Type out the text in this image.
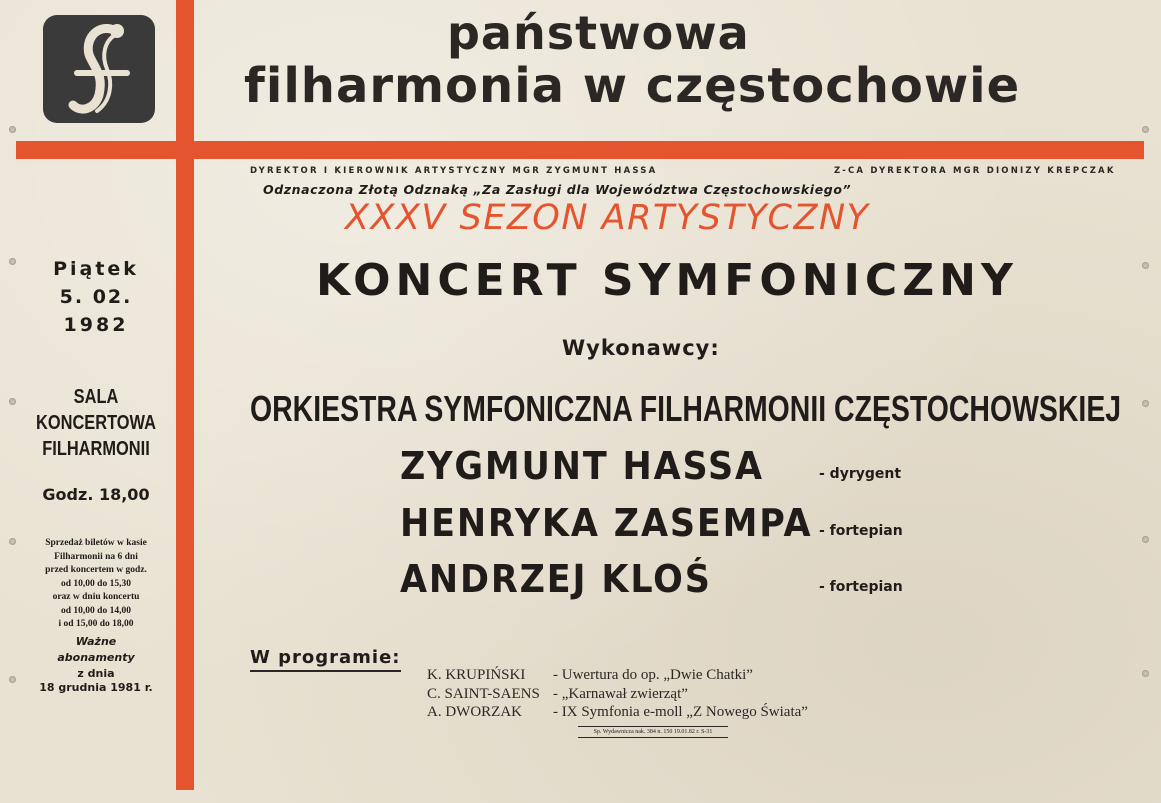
państwowa
filharmonia w częstochowie
DYREKTOR I KIEROWNIK ARTYSTYCZNY MGR ZYGMUNT HASSA	Z-CA DYREKTORA MGR DIONIZY KREPCZAK
Odznaczona Złotą Odznaką „Za Zasługi dla Województwa Częstochowskiego”
XXXV SEZON ARTYSTYCZNY
KONCERT SYMFONICZNY
Wykonawcy:
ORKIESTRA SYMFONICZNA FILHARMONII CZĘSTOCHOWSKIEJ
ZYGMUNT HASSA	- dyrygent
HENRYKA ZASEMPA - fortepian
ANDRZEJ KLOŚ	- fortepian
W programie:
K. KRUPIŃSKI - Uwertura do op. „Dwie Chatki”
C. SAINT-SAENS - „Karnawał zwierząt”
A. DWORZAK - IX Symfonia e-moll „Z Nowego Świata”
Sp. Wydawnicza nak. 384 n. 150 19.01.82 r. S-31
Piątek
5. 02.
1982
SALA
KONCERTOWA
FILHARMONII
Godz. 18,00
Sprzedaż biletów w kasie
Filharmonii na 6 dni
przed koncertem w godz.
od 10,00 do 15,30
oraz w dniu koncertu
od 10,00 do 14,00
i od 15,00 do 18,00
Ważne
abonamenty
z dnia
18 grudnia 1981 r.
